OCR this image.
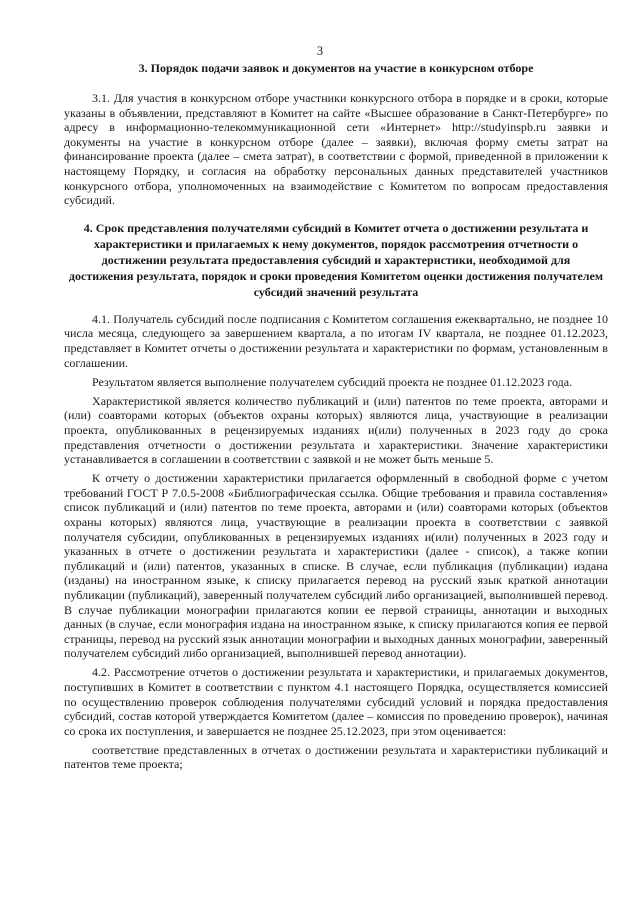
3
3. Порядок подачи заявок и документов на участие в конкурсном отборе

3.1. Для участия в конкурсном отборе участники конкурсного отбора в порядке и в сроки, которые указаны в объявлении, представляют в Комитет на сайте «Высшее образование в Санкт-Петербурге» по адресу в информационно-телекоммуникационной сети «Интернет» http://studyinspb.ru заявки и документы на участие в конкурсном отборе (далее – заявки), включая форму сметы затрат на финансирование проекта (далее – смета затрат), в соответствии с формой, приведенной в приложении к настоящему Порядку, и согласия на обработку персональных данных представителей участников конкурсного отбора, уполномоченных на взаимодействие с Комитетом по вопросам предоставления субсидий.

4. Срок представления получателями субсидий в Комитет отчета о достижении результата и характеристики и прилагаемых к нему документов, порядок рассмотрения отчетности о достижении результата предоставления субсидий и характеристики, необходимой для достижения результата, порядок и сроки проведения Комитетом оценки достижения получателем субсидий значений результата

4.1. Получатель субсидий после подписания с Комитетом соглашения ежеквартально, не позднее 10 числа месяца, следующего за завершением квартала, а по итогам IV квартала, не позднее 01.12.2023, представляет в Комитет отчеты о достижении результата и характеристики по формам, установленным в соглашении.

Результатом является выполнение получателем субсидий проекта не позднее 01.12.2023 года.

Характеристикой является количество публикаций и (или) патентов по теме проекта, авторами и (или) соавторами которых (объектов охраны которых) являются лица, участвующие в реализации проекта, опубликованных в рецензируемых изданиях и(или) полученных в 2023 году до срока представления отчетности о достижении результата и характеристики. Значение характеристики устанавливается в соглашении в соответствии с заявкой и не может быть меньше 5.

К отчету о достижении характеристики прилагается оформленный в свободной форме с учетом требований ГОСТ Р 7.0.5-2008 «Библиографическая ссылка. Общие требования и правила составления» список публикаций и (или) патентов по теме проекта, авторами и (или) соавторами которых (объектов охраны которых) являются лица, участвующие в реализации проекта в соответствии с заявкой получателя субсидии, опубликованных в рецензируемых изданиях и(или) полученных в 2023 году и указанных в отчете о достижении результата и характеристики (далее - список), а также копии публикаций и (или) патентов, указанных в списке. В случае, если публикация (публикации) издана (изданы) на иностранном языке, к списку прилагается перевод на русский язык краткой аннотации публикации (публикаций), заверенный получателем субсидий либо организацией, выполнившей перевод. В случае публикации монографии прилагаются копии ее первой страницы, аннотации и выходных данных (в случае, если монография издана на иностранном языке, к списку прилагаются копия ее первой страницы, перевод на русский язык аннотации монографии и выходных данных монографии, заверенный получателем субсидий либо организацией, выполнившей перевод аннотации).

4.2. Рассмотрение отчетов о достижении результата и характеристики, и прилагаемых документов, поступивших в Комитет в соответствии с пунктом 4.1 настоящего Порядка, осуществляется комиссией по осуществлению проверок соблюдения получателями субсидий условий и порядка предоставления субсидий, состав которой утверждается Комитетом (далее – комиссия по проведению проверок), начиная со срока их поступления, и завершается не позднее 25.12.2023, при этом оценивается:

соответствие представленных в отчетах о достижении результата и характеристики публикаций и патентов теме проекта;
